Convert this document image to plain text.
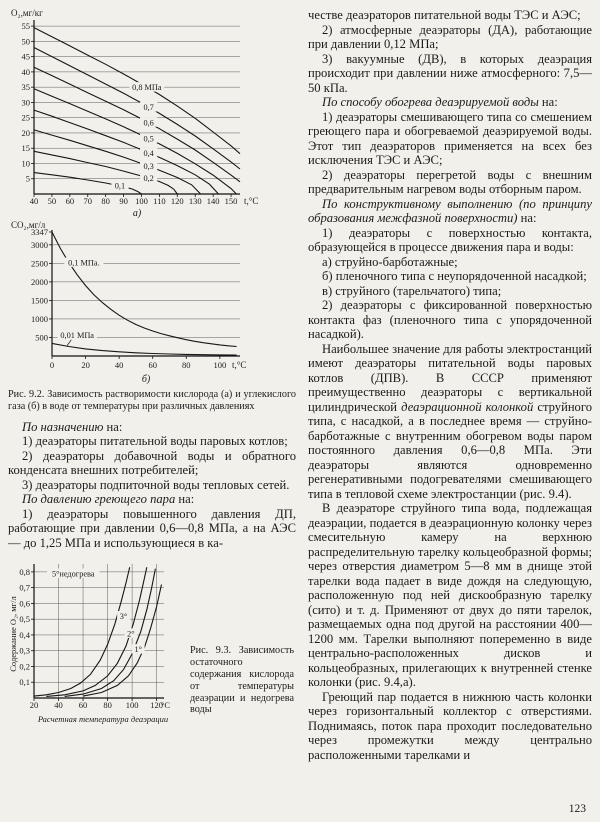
40 50 60 70 80 90 100 110 120 130 140 150
5
10
15
20
25
30
35
40
45
50
55
0,8 МПа
0,7
0,6
0,5
0,4
0,3
0,2
0,1
О₂,мг/кг
t,°C
а)
0	20	40	60	80	100
500
1000
1500
2000
2500
3000
3347
0,1 МПа.
0,01 МПа
СО₂,мг/л
t,°C
б)
Рис. 9.2. Зависимость растворимости кислорода (а) и углекислого газа (б) в воде от температуры при различных давлениях

По назначению на:

1) деаэраторы питательной воды паровых котлов;

2) деаэраторы добавочной воды и обратного конденсата внешних потребителей;

3) деаэраторы подпиточной воды тепловых сетей.

По давлению греющего пара на:

1) деаэраторы повышенного давления ДП, работающие при давлении 0,6—0,8 МПа, а на АЭС — до 1,25 МПа и использующиеся в ка-

20 40 60 80 100 120
0,1
0,2
0,3
0,4
0,5
0,6
0,7
0,8	5°недогрева
3°
2°
1°
Содержание О₂, мг/л
°C
Расчетная температура деаэрации
Рис. 9.3. Зависимость остаточного содержания кислорода от температуры деаэрации и недогрева воды

честве деаэраторов питательной воды ТЭС и АЭС;

2) атмосферные деаэраторы (ДА), работающие при давлении 0,12 МПа;

3) вакуумные (ДВ), в которых деаэрация происходит при давлении ниже атмосферного: 7,5—50 кПа.

По способу обогрева деаэрируемой воды на:

1) деаэраторы смешивающего типа со смешением греющего пара и обогреваемой деаэрируемой воды. Этот тип деаэраторов применяется на всех без исключения ТЭС и АЭС;

2) деаэраторы перегретой воды с внешним предварительным нагревом воды отборным паром.

По конструктивному выполнению (по принципу образования межфазной поверхности) на:

1) деаэраторы с поверхностью контакта, образующейся в процессе движения пара и воды:

а) струйно-барботажные;

б) пленочного типа с неупорядоченной насадкой;

в) струйного (тарельчатого) типа;

2) деаэраторы с фиксированной поверхностью контакта фаз (пленочного типа с упорядоченной насадкой).

Наибольшее значение для работы электростанций имеют деаэраторы питательной воды паровых котлов (ДПВ). В СССР применяют преимущественно деаэраторы с вертикальной цилиндрической деаэрационной колонкой струйного типа, с насадкой, а в последнее время — струйно-барботажные с внутренним обогревом воды паром постоянного давления 0,6—0,8 МПа. Эти деаэраторы являются одновременно регенеративными подогревателями смешивающего типа в тепловой схеме электростанции (рис. 9.4).

В деаэраторе струйного типа вода, подлежащая деаэрации, подается в деаэрационную колонку через смесительную камеру на верхнюю распределительную тарелку кольцеобразной формы; через отверстия диаметром 5—8 мм в днище этой тарелки вода падает в виде дождя на следующую, расположенную под ней дискообразную тарелку (сито) и т. д. Применяют от двух до пяти тарелок, размещаемых одна под другой на расстоянии 400—1200 мм. Тарелки выполняют попеременно в виде центрально-расположенных дисков и кольцеобразных, прилегающих к внутренней стенке колонки (рис. 9.4,а).

Греющий пар подается в нижнюю часть колонки через горизонтальный коллектор с отверстиями. Поднимаясь, поток пара проходит последовательно через промежутки между центрально расположенными тарелками и

123
